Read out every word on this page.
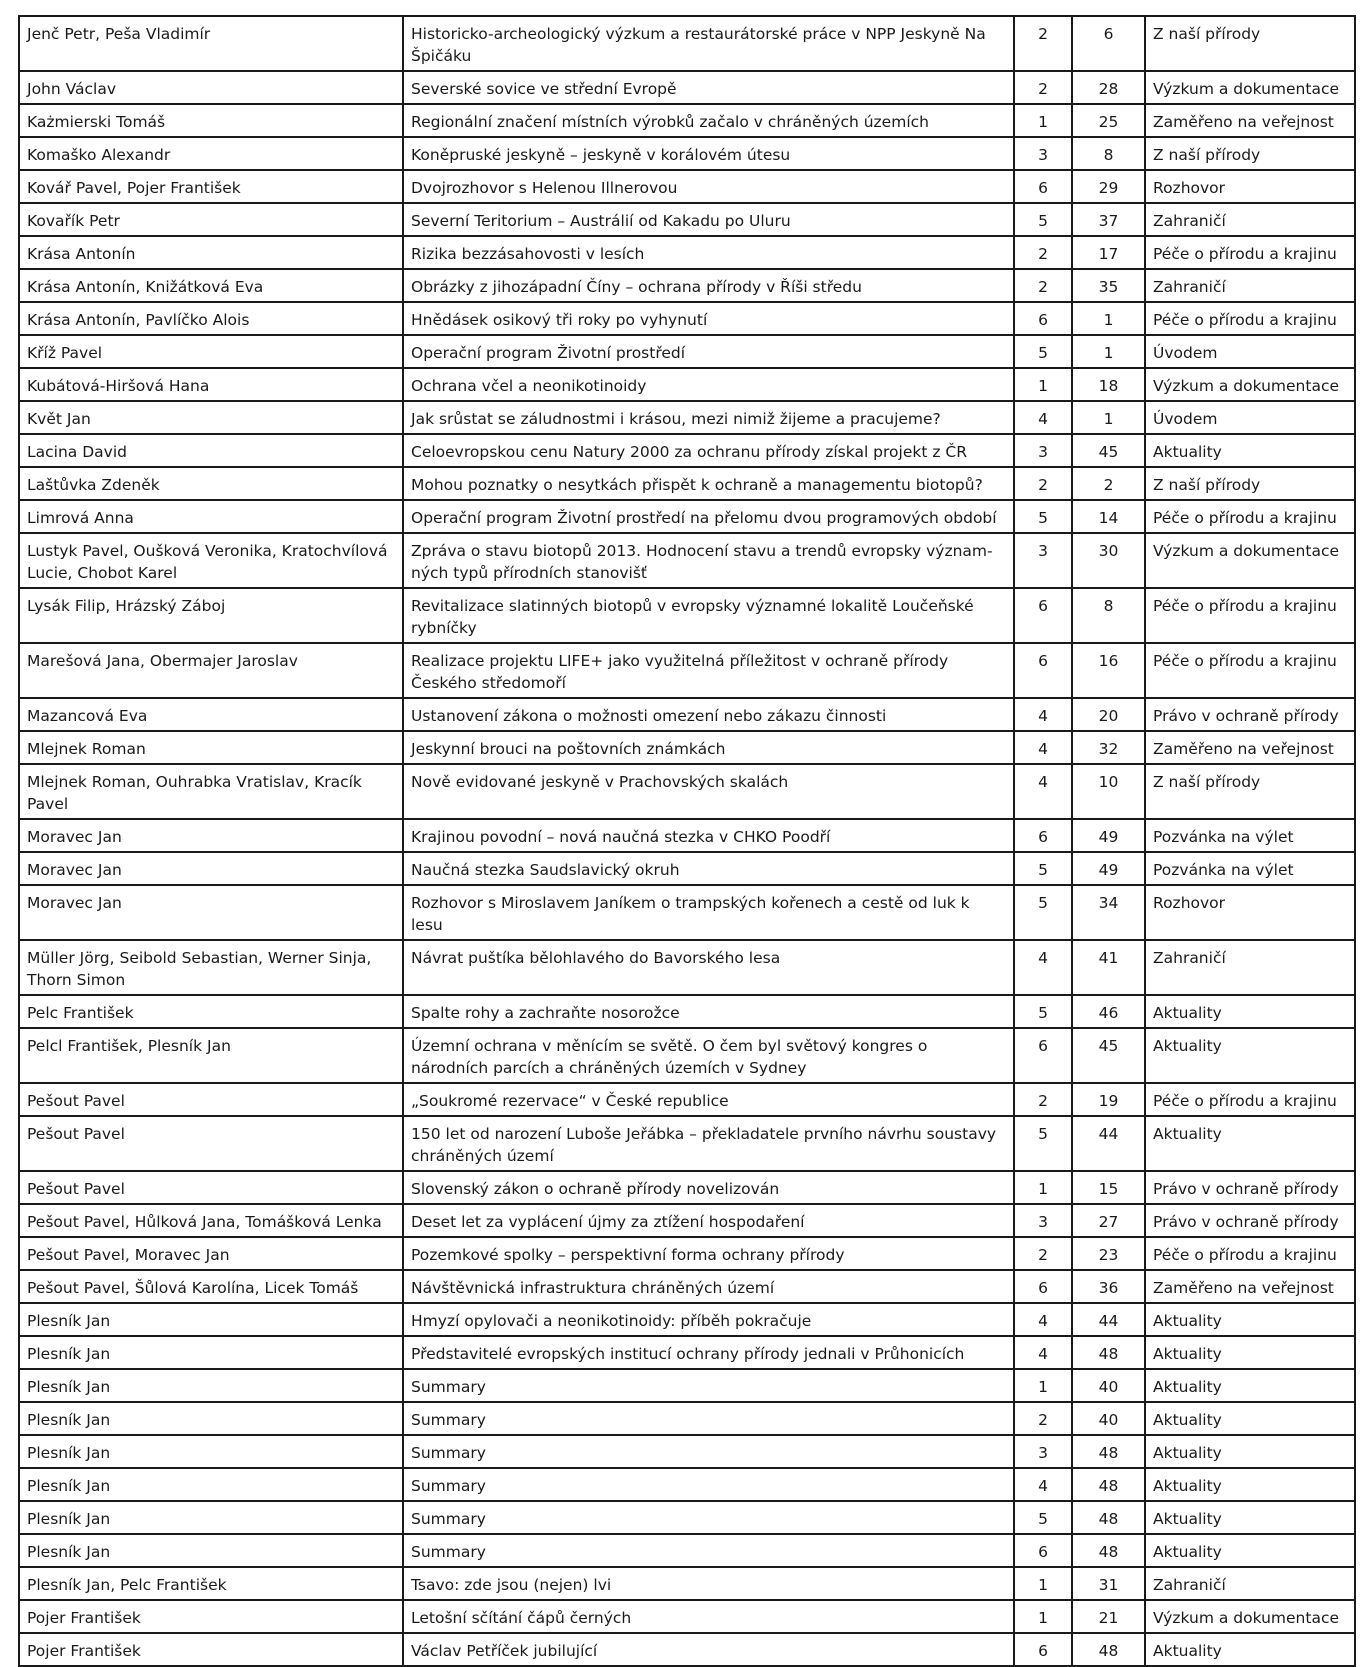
Jenč Petr, Peša Vladimír	Historicko-archeologický výzkum a restaurátorské práce v NPP Jeskyně Na Špičáku	2	6	Z naší přírody
John Václav	Severské sovice ve střední Evropě	2	28	Výzkum a dokumentace
Każmierski Tomáš	Regionální značení místních výrobků začalo v chráněných územích	1	25	Zaměřeno na veřejnost
Komaško Alexandr	Koněpruské jeskyně – jeskyně v korálovém útesu	3	8	Z naší přírody
Kovář Pavel, Pojer František	Dvojrozhovor s Helenou Illnerovou	6	29	Rozhovor
Kovařík Petr	Severní Teritorium – Austrálií od Kakadu po Uluru	5	37	Zahraničí
Krása Antonín	Rizika bezzásahovosti v lesích	2	17	Péče o přírodu a krajinu
Krása Antonín, Knižátková Eva	Obrázky z jihozápadní Číny – ochrana přírody v Říši středu	2	35	Zahraničí
Krása Antonín, Pavlíčko Alois	Hnědásek osikový tři roky po vyhynutí	6	1	Péče o přírodu a krajinu
Kříž Pavel	Operační program Životní prostředí	5	1	Úvodem
Kubátová-Hiršová Hana	Ochrana včel a neonikotinoidy	1	18	Výzkum a dokumentace
Květ Jan	Jak srůstat se záludnostmi i krásou, mezi nimiž žijeme a pracujeme?	4	1	Úvodem
Lacina David	Celoevropskou cenu Natury 2000 za ochranu přírody získal projekt z ČR	3	45	Aktuality
Laštůvka Zdeněk	Mohou poznatky o nesytkách přispět k ochraně a managementu biotopů?	2	2	Z naší přírody
Limrová Anna	Operační program Životní prostředí na přelomu dvou programových období	5	14	Péče o přírodu a krajinu
Lustyk Pavel, Oušková Veronika, Kratochvílová Lucie, Chobot Karel	Zpráva o stavu biotopů 2013. Hodnocení stavu a trendů evropsky významných typů přírodních stanovišť	3	30	Výzkum a dokumentace
Lysák Filip, Hrázský Záboj	Revitalizace slatinných biotopů v evropsky významné lokalitě Loučeňské rybníčky	6	8	Péče o přírodu a krajinu
Marešová Jana, Obermajer Jaroslav	Realizace projektu LIFE+ jako využitelná příležitost v ochraně přírody Českého středomoří	6	16	Péče o přírodu a krajinu
Mazancová Eva	Ustanovení zákona o možnosti omezení nebo zákazu činnosti	4	20	Právo v ochraně přírody
Mlejnek Roman	Jeskynní brouci na poštovních známkách	4	32	Zaměřeno na veřejnost
Mlejnek Roman, Ouhrabka Vratislav, Kracík Pavel	Nově evidované jeskyně v Prachovských skalách	4	10	Z naší přírody
Moravec Jan	Krajinou povodní – nová naučná stezka v CHKO Poodří	6	49	Pozvánka na výlet
Moravec Jan	Naučná stezka Saudslavický okruh	5	49	Pozvánka na výlet
Moravec Jan	Rozhovor s Miroslavem Janíkem o trampských kořenech a cestě od luk k lesu	5	34	Rozhovor
Müller Jörg, Seibold Sebastian, Werner Sinja, Thorn Simon	Návrat puštíka bělohlavého do Bavorského lesa	4	41	Zahraničí
Pelc František	Spalte rohy a zachraňte nosorožce	5	46	Aktuality
Pelcl František, Plesník Jan	Územní ochrana v měnícím se světě. O čem byl světový kongres o národních parcích a chráněných územích v Sydney	6	45	Aktuality
Pešout Pavel	„Soukromé rezervace“ v České republice	2	19	Péče o přírodu a krajinu
Pešout Pavel	150 let od narození Luboše Jeřábka – překladatele prvního návrhu soustavy chráněných území	5	44	Aktuality
Pešout Pavel	Slovenský zákon o ochraně přírody novelizován	1	15	Právo v ochraně přírody
Pešout Pavel, Hůlková Jana, Tomášková Lenka	Deset let za vyplácení újmy za ztížení hospodaření	3	27	Právo v ochraně přírody
Pešout Pavel, Moravec Jan	Pozemkové spolky – perspektivní forma ochrany přírody	2	23	Péče o přírodu a krajinu
Pešout Pavel, Šůlová Karolína, Licek Tomáš	Návštěvnická infrastruktura chráněných území	6	36	Zaměřeno na veřejnost
Plesník Jan	Hmyzí opylovači a neonikotinoidy: příběh pokračuje	4	44	Aktuality
Plesník Jan	Představitelé evropských institucí ochrany přírody jednali v Průhonicích	4	48	Aktuality
Plesník Jan	Summary	1	40	Aktuality
Plesník Jan	Summary	2	40	Aktuality
Plesník Jan	Summary	3	48	Aktuality
Plesník Jan	Summary	4	48	Aktuality
Plesník Jan	Summary	5	48	Aktuality
Plesník Jan	Summary	6	48	Aktuality
Plesník Jan, Pelc František	Tsavo: zde jsou (nejen) lvi	1	31	Zahraničí
Pojer František	Letošní sčítání čápů černých	1	21	Výzkum a dokumentace
Pojer František	Václav Petříček jubilující	6	48	Aktuality
